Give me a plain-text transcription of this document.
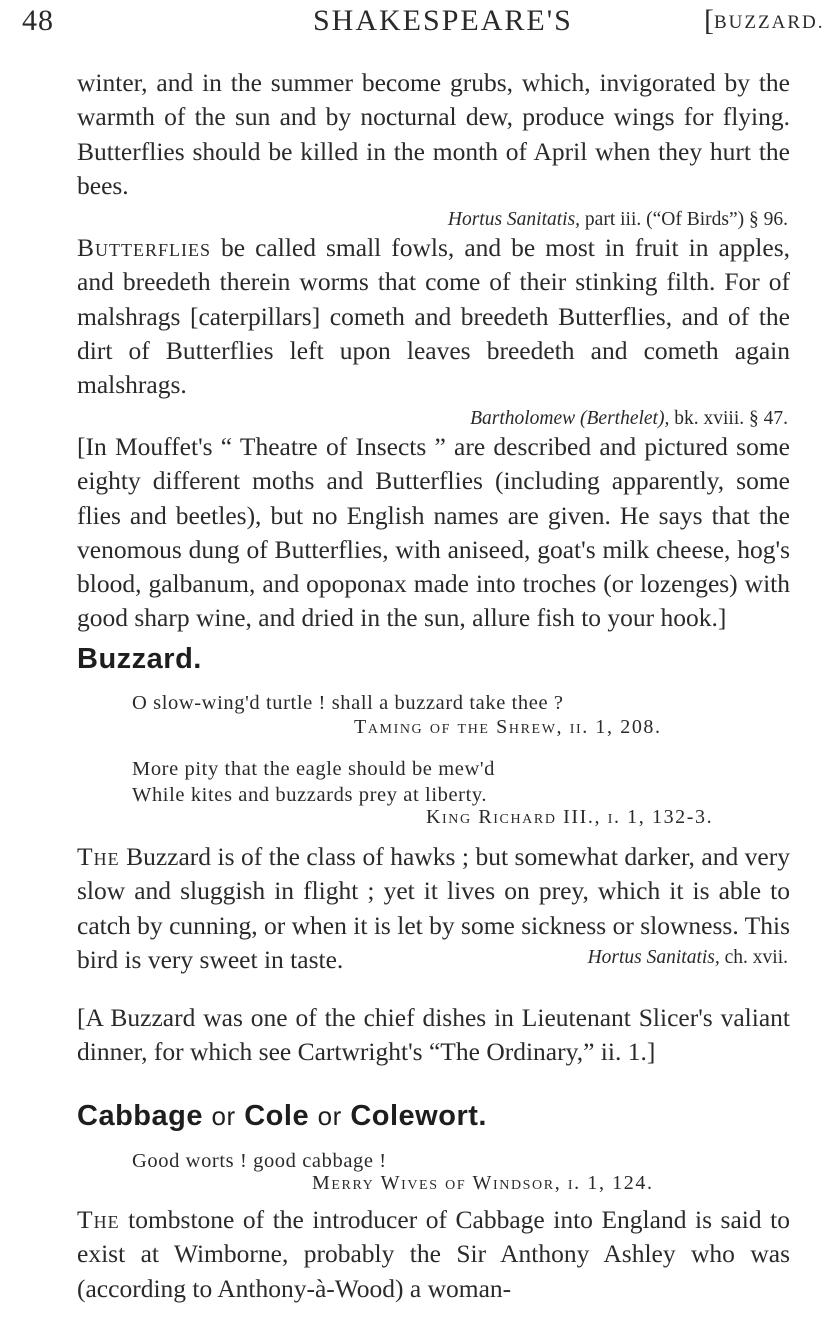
48	SHAKESPEARE'S	[ BUZZARD.

winter, and in the summer become grubs, which, invigorated by the warmth of the sun and by nocturnal dew, produce wings for flying. Butterflies should be killed in the month of April when they hurt the bees.

Hortus Sanitatis, part iii. (“Of Birds”) § 96.

Butterflies be called small fowls, and be most in fruit in apples, and breedeth therein worms that come of their stinking filth. For of malshrags [caterpillars] cometh and breedeth Butterflies, and of the dirt of Butterflies left upon leaves breedeth and cometh again malshrags.

Bartholomew (Berthelet), bk. xviii. § 47.

[In Mouffet's “ Theatre of Insects ” are described and pictured some eighty different moths and Butterflies (including apparently, some flies and beetles), but no English names are given. He says that the venomous dung of Butterflies, with aniseed, goat's milk cheese, hog's blood, galbanum, and opoponax made into troches (or lozenges) with good sharp wine, and dried in the sun, allure fish to your hook.]

Buzzard.
O slow-wing'd turtle ! shall a buzzard take thee ?
Taming of the Shrew, ii. 1, 208.
More pity that the eagle should be mew'd
While kites and buzzards prey at liberty.
King Richard III., i. 1, 132-3.

The Buzzard is of the class of hawks ; but somewhat darker, and very slow and sluggish in flight ; yet it lives on prey, which it is able to catch by cunning, or when it is let by some sickness or slowness. This bird is very sweet in taste.	Hortus Sanitatis, ch. xvii.

[A Buzzard was one of the chief dishes in Lieutenant Slicer's valiant dinner, for which see Cartwright's “The Ordinary,” ii. 1.]

Cabbage or Cole or Colewort.
Good worts ! good cabbage !
Merry Wives of Windsor, i. 1, 124.

The tombstone of the introducer of Cabbage into England is said to exist at Wimborne, probably the Sir Anthony Ashley who was (according to Anthony-à-Wood) a woman-
